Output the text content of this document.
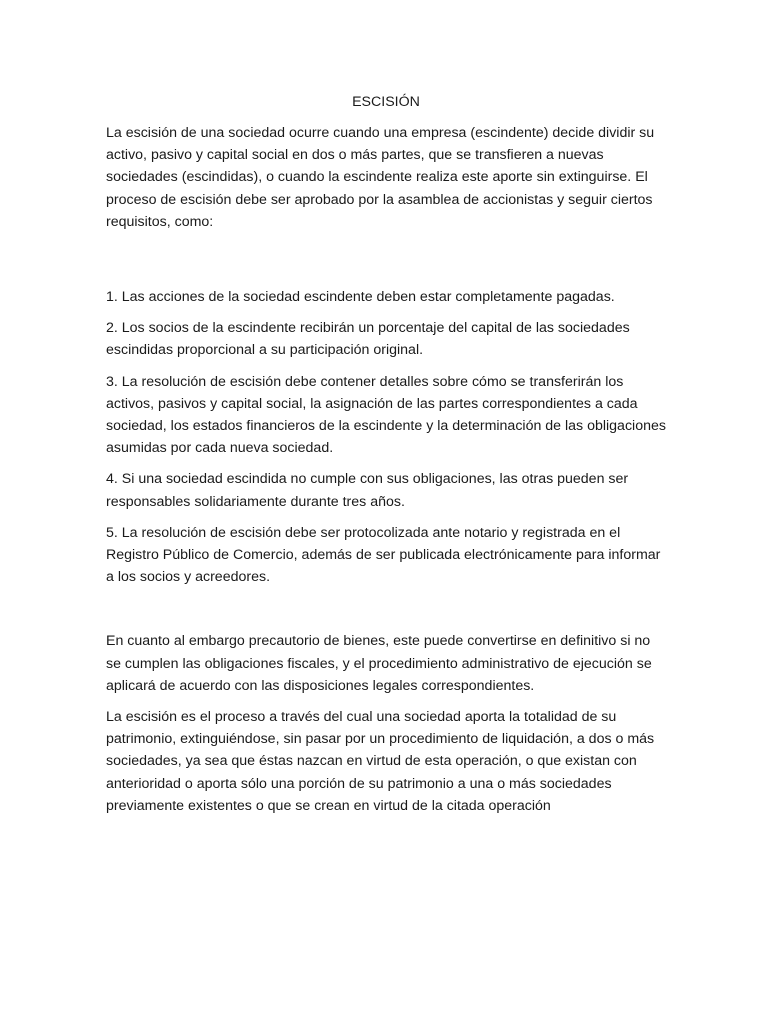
ESCISIÓN

La escisión de una sociedad ocurre cuando una empresa (escindente) decide dividir su activo, pasivo y capital social en dos o más partes, que se transfieren a nuevas sociedades (escindidas), o cuando la escindente realiza este aporte sin extinguirse. El proceso de escisión debe ser aprobado por la asamblea de accionistas y seguir ciertos requisitos, como:

1. Las acciones de la sociedad escindente deben estar completamente pagadas.

2. Los socios de la escindente recibirán un porcentaje del capital de las sociedades escindidas proporcional a su participación original.

3. La resolución de escisión debe contener detalles sobre cómo se transferirán los activos, pasivos y capital social, la asignación de las partes correspondientes a cada sociedad, los estados financieros de la escindente y la determinación de las obligaciones asumidas por cada nueva sociedad.

4. Si una sociedad escindida no cumple con sus obligaciones, las otras pueden ser responsables solidariamente durante tres años.

5. La resolución de escisión debe ser protocolizada ante notario y registrada en el Registro Público de Comercio, además de ser publicada electrónicamente para informar a los socios y acreedores.

En cuanto al embargo precautorio de bienes, este puede convertirse en definitivo si no se cumplen las obligaciones fiscales, y el procedimiento administrativo de ejecución se aplicará de acuerdo con las disposiciones legales correspondientes.

La escisión es el proceso a través del cual una sociedad aporta la totalidad de su patrimonio, extinguiéndose, sin pasar por un procedimiento de liquidación, a dos o más sociedades, ya sea que éstas nazcan en virtud de esta operación, o que existan con anterioridad o aporta sólo una porción de su patrimonio a una o más sociedades previamente existentes o que se crean en virtud de la citada operación
